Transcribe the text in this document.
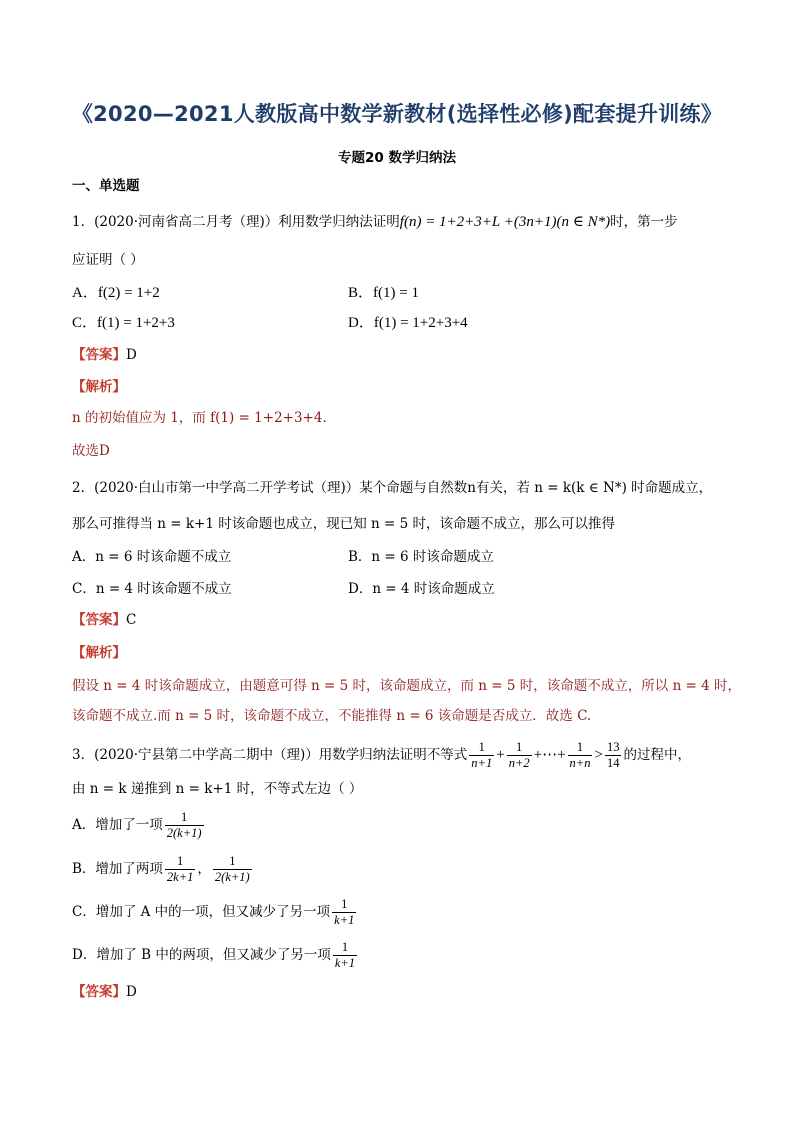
《2020—2021人教版高中数学新教材(选择性必修)配套提升训练》
专题20 数学归纳法
一、单选题
1．(2020·河南省高二月考（理)）利用数学归纳法证明f(n) = 1+2+3+L +(3n+1)(n ∈ N*)时，第一步
应证明（ ）
A．f(2) = 1+2	B．f(1) = 1
C．f(1) = 1+2+3	D．f(1) = 1+2+3+4
【答案】D
【解析】
n 的初始值应为 1，而 f(1) = 1+2+3+4.
故选D
2．(2020·白山市第一中学高二开学考试（理)）某个命题与自然数n有关，若 n = k(k ∈ N*) 时命题成立，
那么可推得当 n = k+1 时该命题也成立，现已知 n = 5 时，该命题不成立，那么可以推得
A．n = 6 时该命题不成立	B．n = 6 时该命题成立
C．n = 4 时该命题不成立	D．n = 4 时该命题成立
【答案】C
【解析】
假设 n = 4 时该命题成立，由题意可得 n = 5 时，该命题成立，而 n = 5 时，该命题不成立，所以 n = 4 时，
该命题不成立.而 n = 5 时，该命题不成立，不能推得 n = 6 该命题是否成立．故选 C.
3．(2020·宁县第二中学高二期中（理)）用数学归纳法证明不等式 $\frac{1}{n+1} + \frac{1}{n+2}$ +⋯+ $\frac{1}{n+n} > \frac{13}{14}$ 的过程中，
由 n = k 递推到 n = k+1 时，不等式左边（ ）
A．增加了一项 $\frac{1}{2(k+1)}$
B．增加了两项 $\frac{1}{2k+1}$ ， $\frac{1}{2(k+1)}$
C．增加了 A 中的一项，但又减少了另一项 $\frac{1}{k+1}$
D．增加了 B 中的两项，但又减少了另一项 $\frac{1}{k+1}$
【答案】D
